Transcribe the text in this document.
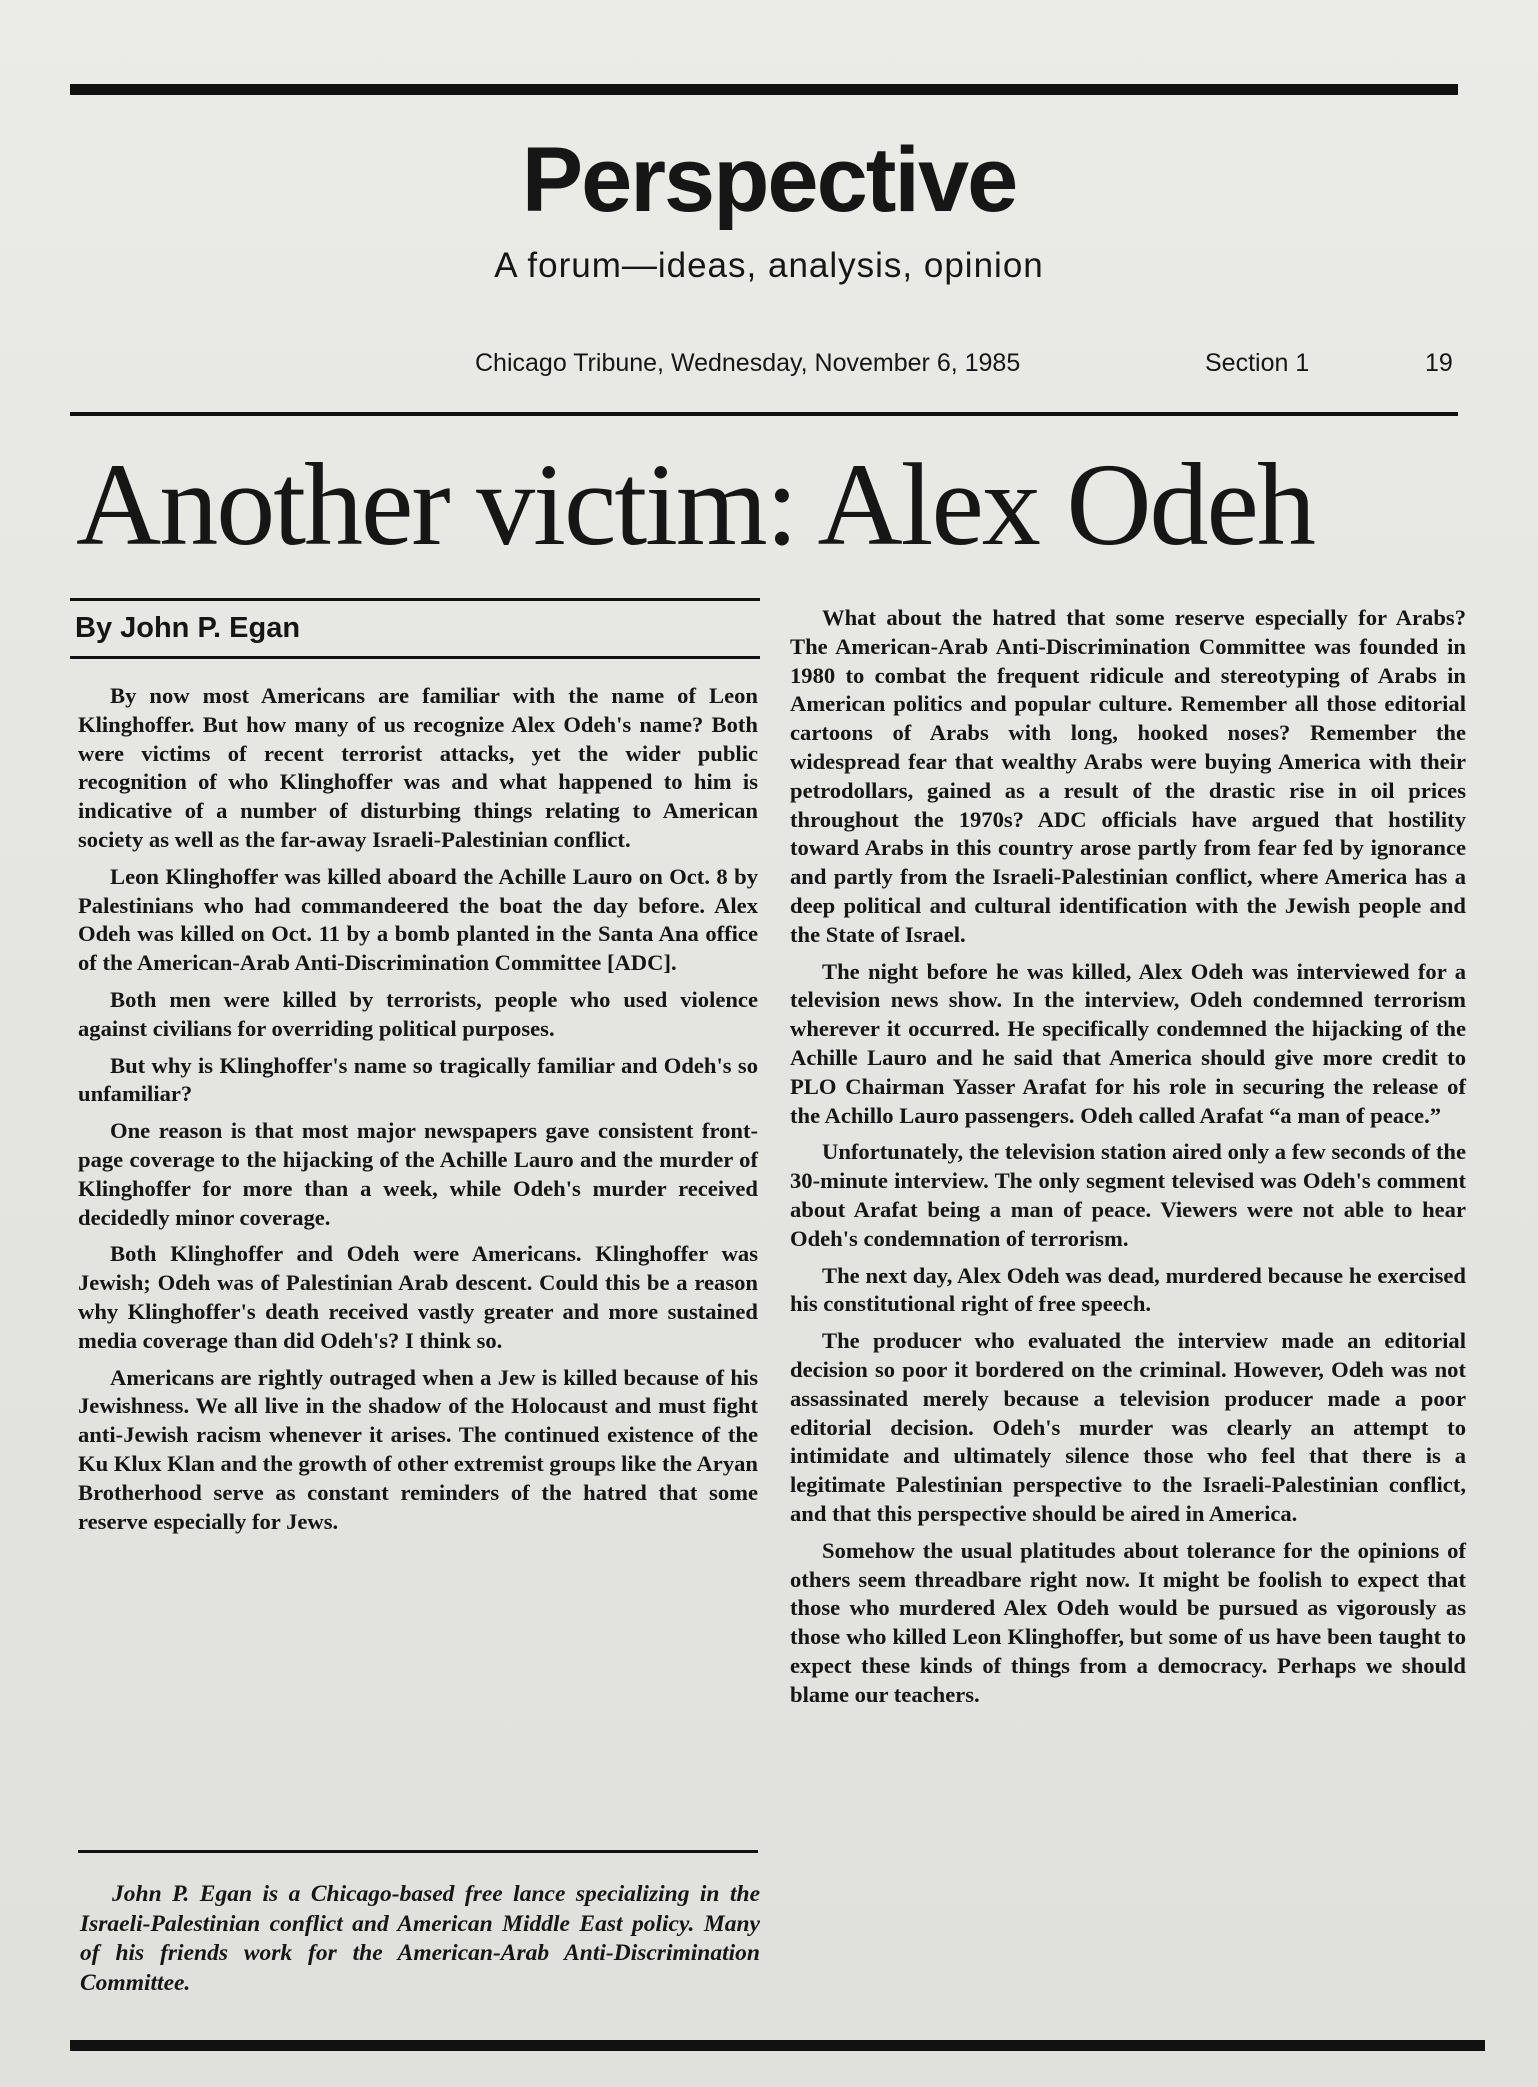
Perspective
A forum—ideas, analysis, opinion
Chicago Tribune, Wednesday, November 6, 1985	Section 1	19
Another victim: Alex Odeh
By John P. Egan

By now most Americans are familiar with the name of Leon Klinghoffer. But how many of us recognize Alex Odeh's name? Both were victims of recent terrorist attacks, yet the wider public recognition of who Klinghoffer was and what happened to him is indicative of a number of disturbing things relating to American society as well as the far-away Israeli-Palestinian conflict.

Leon Klinghoffer was killed aboard the Achille Lauro on Oct. 8 by Palestinians who had commandeered the boat the day before. Alex Odeh was killed on Oct. 11 by a bomb planted in the Santa Ana office of the American-Arab Anti-Discrimination Committee [ADC].

Both men were killed by terrorists, people who used violence against civilians for overriding political purposes.

But why is Klinghoffer's name so tragically familiar and Odeh's so unfamiliar?

One reason is that most major newspapers gave consistent front-page coverage to the hijacking of the Achille Lauro and the murder of Klinghoffer for more than a week, while Odeh's murder received decidedly minor coverage.

Both Klinghoffer and Odeh were Americans. Klinghoffer was Jewish; Odeh was of Palestinian Arab descent. Could this be a reason why Klinghoffer's death received vastly greater and more sustained media coverage than did Odeh's? I think so.

Americans are rightly outraged when a Jew is killed because of his Jewishness. We all live in the shadow of the Holocaust and must fight anti-Jewish racism whenever it arises. The continued existence of the Ku Klux Klan and the growth of other extremist groups like the Aryan Brotherhood serve as constant reminders of the hatred that some reserve especially for Jews.

John P. Egan is a Chicago-based free lance specializing in the Israeli-Palestinian conflict and American Middle East policy. Many of his friends work for the American-Arab Anti-Discrimination Committee.

What about the hatred that some reserve especially for Arabs? The American-Arab Anti-Discrimination Committee was founded in 1980 to combat the frequent ridicule and stereotyping of Arabs in American politics and popular culture. Remember all those editorial cartoons of Arabs with long, hooked noses? Remember the widespread fear that wealthy Arabs were buying America with their petrodollars, gained as a result of the drastic rise in oil prices throughout the 1970s? ADC officials have argued that hostility toward Arabs in this country arose partly from fear fed by ignorance and partly from the Israeli-Palestinian conflict, where America has a deep political and cultural identification with the Jewish people and the State of Israel.

The night before he was killed, Alex Odeh was interviewed for a television news show. In the interview, Odeh condemned terrorism wherever it occurred. He specifically condemned the hijacking of the Achille Lauro and he said that America should give more credit to PLO Chairman Yasser Arafat for his role in securing the release of the Achillo Lauro passengers. Odeh called Arafat “a man of peace.”

Unfortunately, the television station aired only a few seconds of the 30-minute interview. The only segment televised was Odeh's comment about Arafat being a man of peace. Viewers were not able to hear Odeh's condemnation of terrorism.

The next day, Alex Odeh was dead, murdered because he exercised his constitutional right of free speech.

The producer who evaluated the interview made an editorial decision so poor it bordered on the criminal. However, Odeh was not assassinated merely because a television producer made a poor editorial decision. Odeh's murder was clearly an attempt to intimidate and ultimately silence those who feel that there is a legitimate Palestinian perspective to the Israeli-Palestinian conflict, and that this perspective should be aired in America.

Somehow the usual platitudes about tolerance for the opinions of others seem threadbare right now. It might be foolish to expect that those who murdered Alex Odeh would be pursued as vigorously as those who killed Leon Klinghoffer, but some of us have been taught to expect these kinds of things from a democracy. Perhaps we should blame our teachers.
